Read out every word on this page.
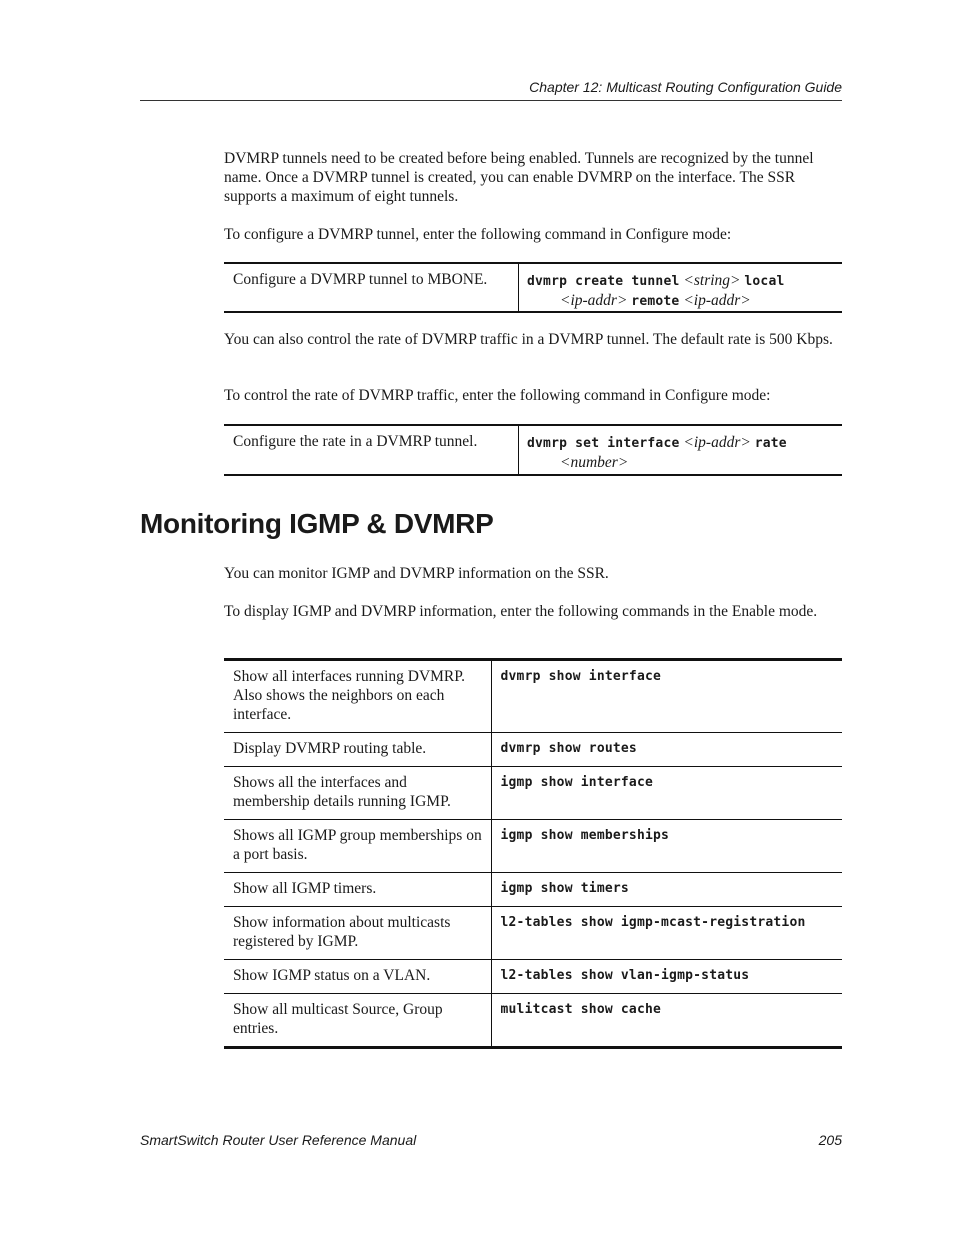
Chapter 12: Multicast Routing Configuration Guide

DVMRP tunnels need to be created before being enabled. Tunnels are recognized by the tunnel name. Once a DVMRP tunnel is created, you can enable DVMRP on the interface. The SSR supports a maximum of eight tunnels.

To configure a DVMRP tunnel, enter the following command in Configure mode:

Configure a DVMRP tunnel to MBONE.	dvmrp create tunnel <string> local
<ip-addr> remote <ip-addr>

You can also control the rate of DVMRP traffic in a DVMRP tunnel. The default rate is 500 Kbps.

To control the rate of DVMRP traffic, enter the following command in Configure mode:

Configure the rate in a DVMRP tunnel.	dvmrp set interface <ip-addr> rate
<number>
Monitoring IGMP & DVMRP

You can monitor IGMP and DVMRP information on the SSR.

To display IGMP and DVMRP information, enter the following commands in the Enable mode.

Show all interfaces running DVMRP. Also shows the neighbors on each interface.	dvmrp show interface
Display DVMRP routing table.	dvmrp show routes
Shows all the interfaces and membership details running IGMP.	igmp show interface
Shows all IGMP group memberships on a port basis.	igmp show memberships
Show all IGMP timers.	igmp show timers
Show information about multicasts registered by IGMP.	l2-tables show igmp-mcast-registration
Show IGMP status on a VLAN.	l2-tables show vlan-igmp-status
Show all multicast Source, Group entries.	mulitcast show cache
SmartSwitch Router User Reference Manual	205
